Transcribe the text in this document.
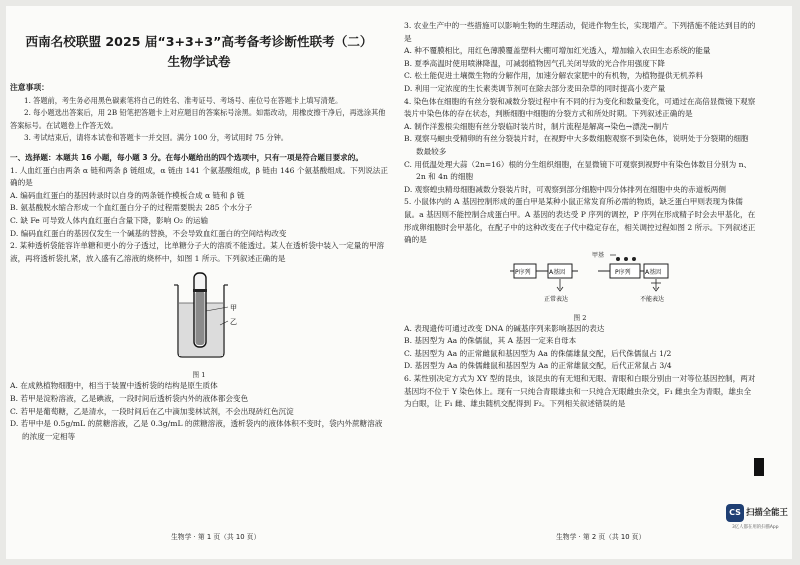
西南名校联盟 2025 届“3+3+3”高考备考诊断性联考（二）
生物学试卷
注意事项：
1. 答题前，考生务必用黑色碳素笔将自己的姓名、准考证号、考场号、座位号在答题卡上填写清楚。
2. 每小题选出答案后，用 2B 铅笔把答题卡上对应题目的答案标号涂黑。如需改动，用橡皮擦干净后，再选涂其他答案标号。在试题卷上作答无效。
3. 考试结束后，请将本试卷和答题卡一并交回。满分 100 分，考试用时 75 分钟。
一、选择题：本题共 16 小题，每小题 3 分。在每小题给出的四个选项中，只有一项是符合题目要求的。
1. 人血红蛋白由两条 α 链和两条 β 链组成，α 链由 141 个氨基酸组成，β 链由 146 个氨基酸组成。下列说法正确的是
A. 编码血红蛋白的基因转录时以自身的两条链作模板合成 α 链和 β 链
B. 氨基酸脱水缩合形成一个血红蛋白分子的过程需要脱去 285 个水分子
C. 缺 Fe 可导致人体内血红蛋白含量下降，影响 O₂ 的运输
D. 编码血红蛋白的基因仅发生一个碱基的替换，不会导致血红蛋白的空间结构改变
2. 某种透析袋能容许单糖和更小的分子透过，比单糖分子大的溶质不能透过。某人在透析袋中装入一定量的甲溶液，再将透析袋扎紧，放入盛有乙溶液的烧杯中，如图 1 所示。下列叙述正确的是
甲
乙
图 1
A. 在成熟植物细胞中，相当于装置中透析袋的结构是原生质体
B. 若甲是淀粉溶液，乙是碘液，一段时间后透析袋内外的液体都会变色
C. 若甲是葡萄糖，乙是清水，一段时间后在乙中滴加斐林试剂，不会出现砖红色沉淀
D. 若甲中是 0.5g/mL 的蔗糖溶液，乙是 0.3g/mL 的蔗糖溶液，透析袋内的液体体积不变时，袋内外蔗糖溶液的浓度一定相等
3. 农业生产中的一些措施可以影响生物的生理活动，促进作物生长，实现增产。下列措施不能达到目的的是
A. 种不覆膜相比，用红色薄膜覆盖塑料大棚可增加红光透入，增加输入农田生态系统的能量
B. 夏季高温时使用喷淋降温，可减弱植物因气孔关闭导致的光合作用强度下降
C. 松土能促进土壤微生物的分解作用，加速分解农家肥中的有机物，为植物提供无机养料
D. 利用一定浓度的生长素类调节剂可在除去部分麦田杂草的同时提高小麦产量
4. 染色体在细胞的有丝分裂和减数分裂过程中有不同的行为变化和数量变化，可通过在高倍显微镜下观察装片中染色体的存在状态，判断细胞中细胞的分裂方式和所处时期。下列叙述正确的是
A. 制作洋葱根尖细胞有丝分裂临时装片时，制片流程是解离→染色→漂洗→制片
B. 观察马蛔虫受精卵的有丝分裂装片时，在视野中大多数细胞观察不到染色体，说明处于分裂期的细胞数最较多
C. 用低温处理大蒜（2n=16）根的分生组织细胞，在显微镜下可观察到视野中有染色体数目分别为 n、2n 和 4n 的细胞
D. 观察蝗虫精母细胞减数分裂装片时，可观察到部分细胞中四分体排列在细胞中央的赤道板两侧
5. 小鼠体内的 A 基因控制形成的蛋白甲是某种小鼠正常发育所必需的物质，缺乏蛋白甲则表现为侏儒鼠。a 基因则不能控制合成蛋白甲。A 基因的表达受 P 序列的调控，P 序列在形成精子时会去甲基化，在形成卵细胞时会甲基化，在配子中的这种改变在子代中稳定存在，相关调控过程如图 2 所示。下列叙述正确的是
P序列	A基因
正常表达
甲基
P序列 A基因
不能表达
图 2
A. 表现遗传可通过改变 DNA 的碱基序列来影响基因的表达
B. 基因型为 Aa 的侏儒鼠，其 A 基因一定来自母本
C. 基因型为 Aa 的正常雌鼠和基因型为 Aa 的侏儒雄鼠交配，后代侏儒鼠占 1/2
D. 基因型为 Aa 的侏儒雌鼠和基因型为 Aa 的正常雄鼠交配，后代正常鼠占 3/4
6. 某性别决定方式为 XY 型的昆虫，该昆虫的有无翅和无眼、青眼和白眼分别由一对等位基因控制，两对基因均不位于 Y 染色体上。现有一只纯合青眼雄虫和一只纯合无眼雌虫杂交，F₁ 雌虫全为青眼，雄虫全为白眼，让 F₁ 雌、雄虫随机交配得到 F₂。下列相关叙述错误的是
生物学 · 第 1 页（共 10 页）	生物学 · 第 2 页（共 10 页）
CS 扫描全能王
3亿人都在用的扫描App
